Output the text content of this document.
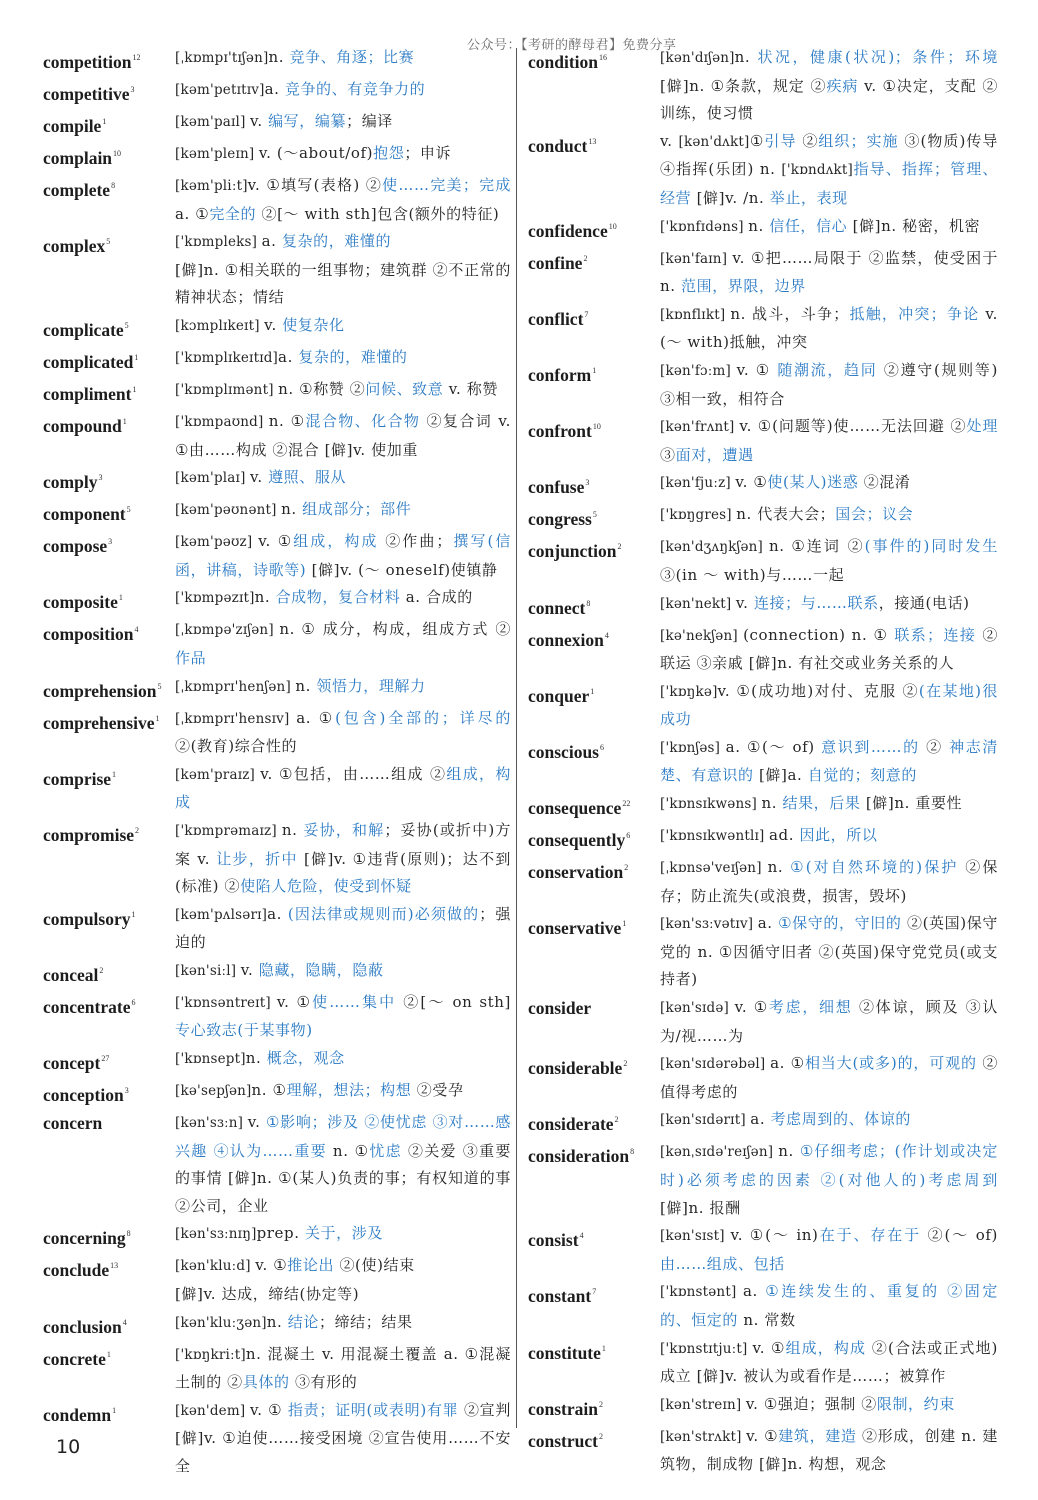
公众号：【考研的酵母君】免费分享
competition$^{12}$	[ˌkɒmpɪ'tɪʃən]n. 竞争、角逐；比赛
competitive$^3$	[kəm'petɪtɪv]a. 竞争的、有竞争力的
compile$^1$	[kəm'paɪl] v. 编写，编纂；编译
complain$^{10}$	[kəm'pleɪn] v. (～about/of)抱怨；申诉
complete$^8$	[kəm'pliːt]v. ①填写(表格) ②使……完美；完成 a. ①完全的 ②[～ with sth]包含(额外的特征)
complex$^5$	['kɒmpleks] a. 复杂的，难懂的
[僻]n. ①相关联的一组事物；建筑群 ②不正常的精神状态；情结
complicate$^5$	[kɔmplɪkeɪt] v. 使复杂化
complicated$^1$	['kɒmplɪkeɪtɪd]a. 复杂的，难懂的
compliment$^1$	['kɒmplɪmənt] n. ①称赞 ②问候、致意 v. 称赞
compound$^1$	['kɒmpaʊnd] n. ①混合物、化合物 ②复合词 v. ①由……构成 ②混合 [僻]v. 使加重
comply$^3$	[kəm'plaɪ] v. 遵照、服从
component$^5$	[kəm'pəʊnənt] n. 组成部分；部件
compose$^3$	[kəm'pəʊz] v. ①组成，构成 ②作曲；撰写(信函，讲稿，诗歌等) [僻]v. (～ oneself)使镇静
composite$^1$	['kɒmpəzɪt]n. 合成物，复合材料 a. 合成的
composition$^4$	[ˌkɒmpə'zɪʃən] n. ① 成分，构成，组成方式 ②作品
comprehension$^5$	[ˌkɒmprɪ'henʃən] n. 领悟力，理解力
comprehensive$^1$	[ˌkɒmprɪ'hensɪv] a. ①(包含)全部的；详尽的 ②(教育)综合性的
comprise$^1$	[kəm'praɪz] v. ①包括，由……组成 ②组成，构成
compromise$^2$	['kɒmprəmaɪz] n. 妥协，和解；妥协(或折中)方案 v. 让步，折中 [僻]v. ①违背(原则)；达不到(标准) ②使陷人危险，使受到怀疑
compulsory$^1$	[kəm'pʌlsərɪ]a. (因法律或规则而)必须做的；强迫的
conceal$^2$	[kən'siːl] v. 隐藏，隐瞒，隐蔽
concentrate$^6$	['kɒnsəntreɪt] v. ①使……集中 ②[～ on sth] 专心致志(于某事物)
concept$^{27}$	['kɒnsept]n. 概念，观念
conception$^3$	[kə'sepʃən]n. ①理解，想法；构想 ②受孕
concern	[kən'sɜːn] v. ①影响；涉及 ②使忧虑 ③对……感兴趣 ④认为……重要 n. ①忧虑 ②关爱 ③重要的事情 [僻]n. ①(某人)负责的事；有权知道的事 ②公司，企业
concerning$^8$	[kən'sɜːnɪŋ]prep. 关于，涉及
conclude$^{13}$	[kən'kluːd] v. ①推论出 ②(使)结束
[僻]v. 达成，缔结(协定等)
conclusion$^4$	[kən'kluːʒən]n. 结论；缔结；结果
concrete$^1$	['kɒŋkriːt]n. 混凝土 v. 用混凝土覆盖 a. ①混凝土制的 ②具体的 ③有形的
condemn$^1$	[kən'dem] v. ① 指责；证明(或表明)有罪 ②宣判 [僻]v. ①迫使……接受困境 ②宣告使用……不安全
condition$^{16}$	[kən'dɪʃən]n. 状况，健康(状况)；条件；环境 [僻]n. ①条款，规定 ②疾病 v. ①决定，支配 ②训练，使习惯
conduct$^{13}$	v. [kən'dʌkt]①引导 ②组织；实施 ③(物质)传导 ④指挥(乐团) n. ['kɒndʌkt]指导、指挥；管理、经营 [僻]v. /n. 举止，表现
confidence$^{10}$	['kɒnfɪdəns] n. 信任，信心 [僻]n. 秘密，机密
confine$^2$	[kən'faɪn] v. ①把……局限于 ②监禁，使受困于 n. 范围，界限，边界
conflict$^7$	[kɒnflɪkt] n. 战斗，斗争；抵触，冲突；争论 v. (～ with)抵触，冲突
conform$^1$	[kən'fɔːm] v. ① 随潮流，趋同 ②遵守(规则等) ③相一致，相符合
confront$^{10}$	[kən'frʌnt] v. ①(问题等)使……无法回避 ②处理 ③面对，遭遇
confuse$^3$	[kən'fjuːz] v. ①使(某人)迷惑 ②混淆
congress$^5$	['kɒŋgres] n. 代表大会；国会；议会
conjunction$^2$	[kən'dʒʌŋkʃən] n. ①连词 ②(事件的)同时发生 ③(in ～ with)与……一起
connect$^8$	[kən'nekt] v. 连接；与……联系，接通(电话)
connexion$^4$	[kə'nekʃən] (connection) n. ① 联系；连接 ②联运 ③亲戚 [僻]n. 有社交或业务关系的人
conquer$^1$	['kɒŋkə]v. ①(成功地)对付、克服 ②(在某地)很成功
conscious$^6$	['kɒnʃəs] a. ①(～ of) 意识到……的 ② 神志清楚、有意识的 [僻]a. 自觉的；刻意的
consequence$^{22}$	['kɒnsɪkwəns] n. 结果，后果 [僻]n. 重要性
consequently$^6$	['kɒnsɪkwəntlɪ] ad. 因此，所以
conservation$^2$	[ˌkɒnsə'veɪʃən] n. ①(对自然环境的)保护 ②保存；防止流失(或浪费，损害，毁坏)
conservative$^1$	[kən'sɜːvətɪv] a. ①保守的，守旧的 ②(英国)保守党的 n. ①因循守旧者 ②(英国)保守党党员(或支持者)
consider	[kən'sɪdə] v. ①考虑，细想 ②体谅，顾及 ③认为/视……为
considerable$^2$	[kən'sɪdərəbəl] a. ①相当大(或多)的，可观的 ②值得考虑的
considerate$^2$	[kən'sɪdərɪt] a. 考虑周到的、体谅的
consideration$^8$	[kənˌsɪdə'reɪʃən] n. ①仔细考虑；(作计划或决定时)必须考虑的因素 ②(对他人的)考虑周到 [僻]n. 报酬
consist$^4$	[kən'sɪst] v. ①(～ in)在于、存在于 ②(～ of) 由……组成、包括
constant$^7$	['kɒnstənt] a. ①连续发生的、重复的 ②固定的、恒定的 n. 常数
constitute$^1$	['kɒnstɪtjuːt] v. ①组成，构成 ②(合法或正式地)成立 [僻]v. 被认为或看作是……；被算作
constrain$^2$	[kən'streɪn] v. ①强迫；强制 ②限制，约束
construct$^2$	[kən'strʌkt] v. ①建筑，建造 ②形成，创建 n. 建筑物，制成物 [僻]n. 构想，观念
10
